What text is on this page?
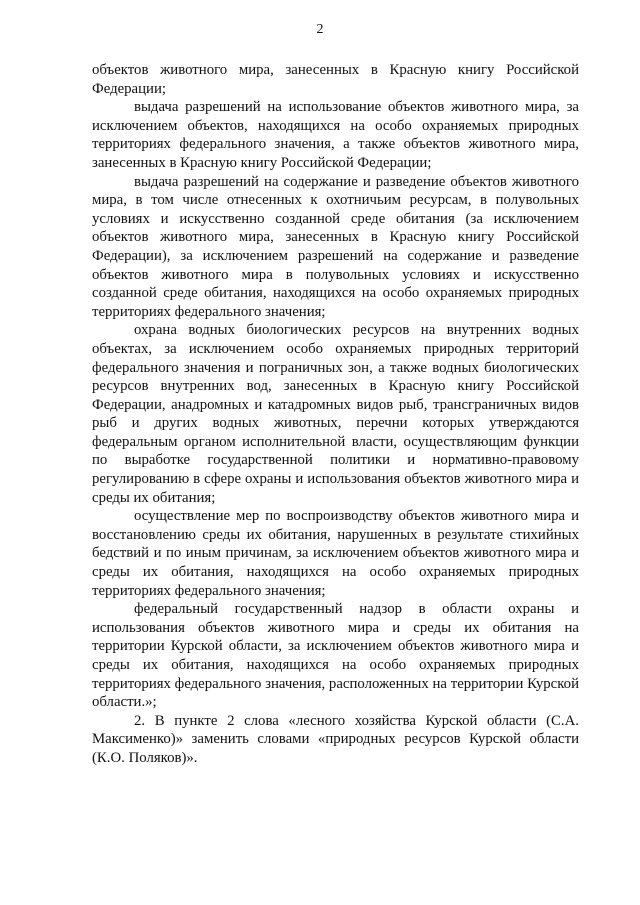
2

объектов животного мира, занесенных в Красную книгу Российской Федерации;

выдача разрешений на использование объектов животного мира, за исключением объектов, находящихся на особо охраняемых природных территориях федерального значения, а также объектов животного мира, занесенных в Красную книгу Российской Федерации;

выдача разрешений на содержание и разведение объектов животного мира, в том числе отнесенных к охотничьим ресурсам, в полувольных условиях и искусственно созданной среде обитания (за исключением объектов животного мира, занесенных в Красную книгу Российской Федерации), за исключением разрешений на содержание и разведение объектов животного мира в полувольных условиях и искусственно созданной среде обитания, находящихся на особо охраняемых природных территориях федерального значения;

охрана водных биологических ресурсов на внутренних водных объектах, за исключением особо охраняемых природных территорий федерального значения и пограничных зон, а также водных биологических ресурсов внутренних вод, занесенных в Красную книгу Российской Федерации, анадромных и катадромных видов рыб, трансграничных видов рыб и других водных животных, перечни которых утверждаются федеральным органом исполнительной власти, осуществляющим функции по выработке государственной политики и нормативно-правовому регулированию в сфере охраны и использования объектов животного мира и среды их обитания;

осуществление мер по воспроизводству объектов животного мира и восстановлению среды их обитания, нарушенных в результате стихийных бедствий и по иным причинам, за исключением объектов животного мира и среды их обитания, находящихся на особо охраняемых природных территориях федерального значения;

федеральный государственный надзор в области охраны и использования объектов животного мира и среды их обитания на территории Курской области, за исключением объектов животного мира и среды их обитания, находящихся на особо охраняемых природных территориях федерального значения, расположенных на территории Курской области.»;

2. В пункте 2 слова «лесного хозяйства Курской области (С.А. Максименко)» заменить словами «природных ресурсов Курской области (К.О. Поляков)».
